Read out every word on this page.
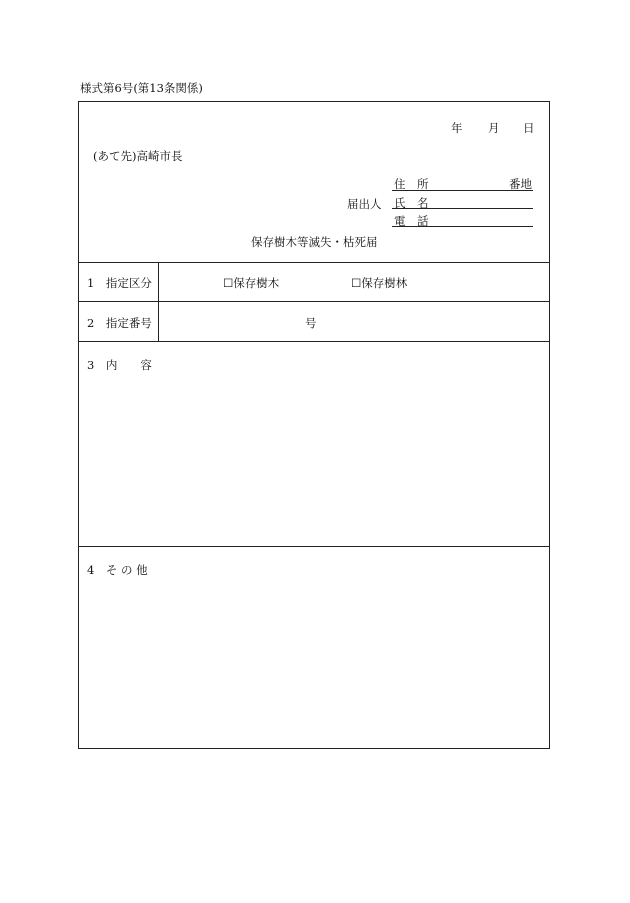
様式第6号(第13条関係)
年 月 日
(あて先)高崎市長
届出人
住　所	番地
氏　名
電　話
保存樹木等滅失・枯死届
1　指定区分	☐保存樹木	☐保存樹林
2　指定番号	号
3　内　　容
4　そ の 他
